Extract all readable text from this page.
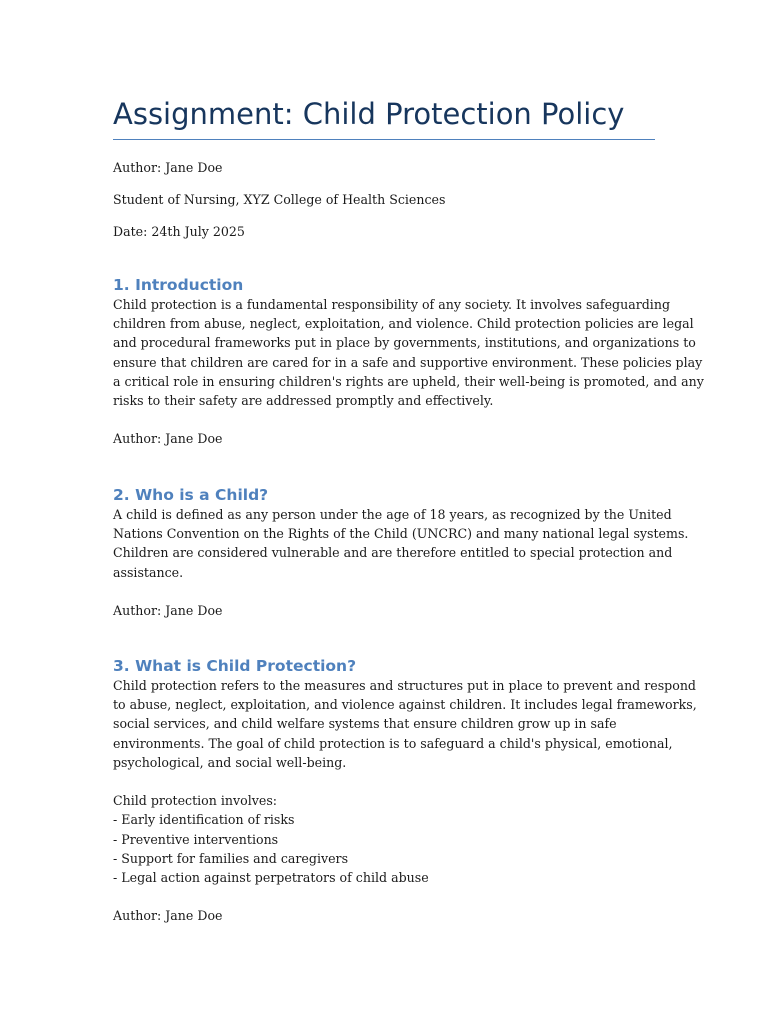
Assignment: Child Protection Policy

Author: Jane Doe

Student of Nursing, XYZ College of Health Sciences

Date: 24th July 2025

1. Introduction
Child protection is a fundamental responsibility of any society. It involves safeguarding
children from abuse, neglect, exploitation, and violence. Child protection policies are legal
and procedural frameworks put in place by governments, institutions, and organizations to
ensure that children are cared for in a safe and supportive environment. These policies play
a critical role in ensuring children's rights are upheld, their well-being is promoted, and any
risks to their safety are addressed promptly and effectively.
Author: Jane Doe
2. Who is a Child?
A child is defined as any person under the age of 18 years, as recognized by the United
Nations Convention on the Rights of the Child (UNCRC) and many national legal systems.
Children are considered vulnerable and are therefore entitled to special protection and
assistance.
Author: Jane Doe
3. What is Child Protection?
Child protection refers to the measures and structures put in place to prevent and respond
to abuse, neglect, exploitation, and violence against children. It includes legal frameworks,
social services, and child welfare systems that ensure children grow up in safe
environments. The goal of child protection is to safeguard a child's physical, emotional,
psychological, and social well-being.
Child protection involves:
- Early identification of risks
- Preventive interventions
- Support for families and caregivers
- Legal action against perpetrators of child abuse
Author: Jane Doe
